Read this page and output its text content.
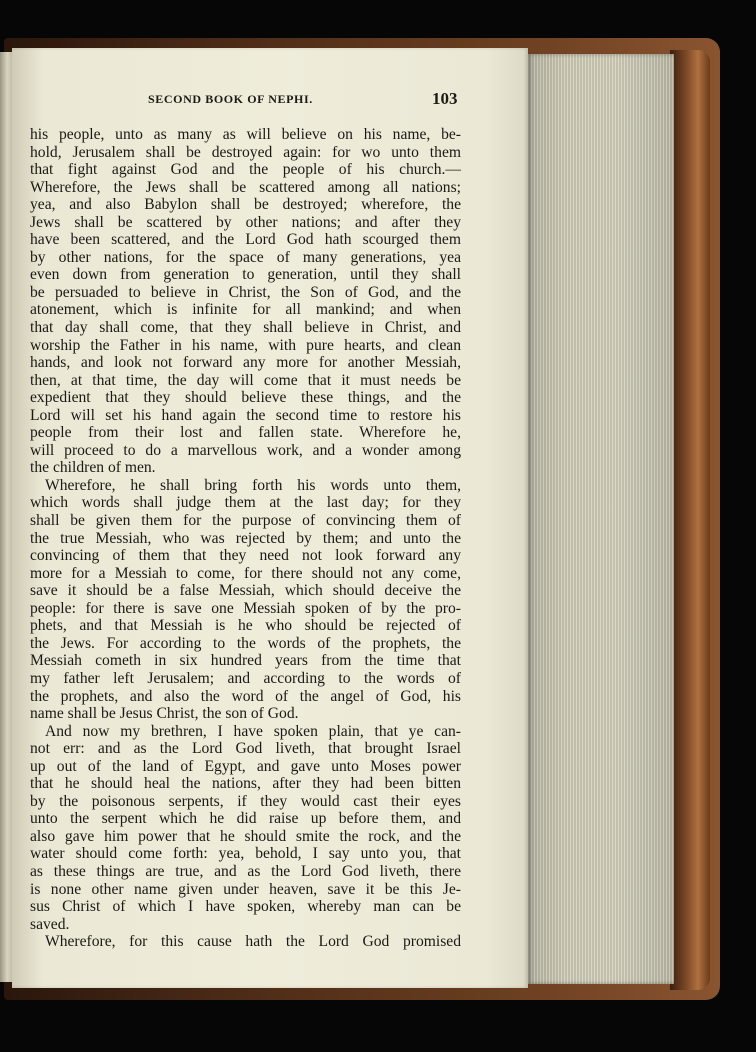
SECOND BOOK OF NEPHI.	103
his people, unto as many as will believe on his name, be-
hold, Jerusalem shall be destroyed again: for wo unto them
that fight against God and the people of his church.—
Wherefore, the Jews shall be scattered among all nations;
yea, and also Babylon shall be destroyed; wherefore, the
Jews shall be scattered by other nations; and after they
have been scattered, and the Lord God hath scourged them
by other nations, for the space of many generations, yea
even down from generation to generation, until they shall
be persuaded to believe in Christ, the Son of God, and the
atonement, which is infinite for all mankind; and when
that day shall come, that they shall believe in Christ, and
worship the Father in his name, with pure hearts, and clean
hands, and look not forward any more for another Messiah,
then, at that time, the day will come that it must needs be
expedient that they should believe these things, and the
Lord will set his hand again the second time to restore his
people from their lost and fallen state. Wherefore he,
will proceed to do a marvellous work, and a wonder among
the children of men.
Wherefore, he shall bring forth his words unto them,
which words shall judge them at the last day; for they
shall be given them for the purpose of convincing them of
the true Messiah, who was rejected by them; and unto the
convincing of them that they need not look forward any
more for a Messiah to come, for there should not any come,
save it should be a false Messiah, which should deceive the
people: for there is save one Messiah spoken of by the pro-
phets, and that Messiah is he who should be rejected of
the Jews. For according to the words of the prophets, the
Messiah cometh in six hundred years from the time that
my father left Jerusalem; and according to the words of
the prophets, and also the word of the angel of God, his
name shall be Jesus Christ, the son of God.
And now my brethren, I have spoken plain, that ye can-
not err: and as the Lord God liveth, that brought Israel
up out of the land of Egypt, and gave unto Moses power
that he should heal the nations, after they had been bitten
by the poisonous serpents, if they would cast their eyes
unto the serpent which he did raise up before them, and
also gave him power that he should smite the rock, and the
water should come forth: yea, behold, I say unto you, that
as these things are true, and as the Lord God liveth, there
is none other name given under heaven, save it be this Je-
sus Christ of which I have spoken, whereby man can be
saved.
Wherefore, for this cause hath the Lord God promised
